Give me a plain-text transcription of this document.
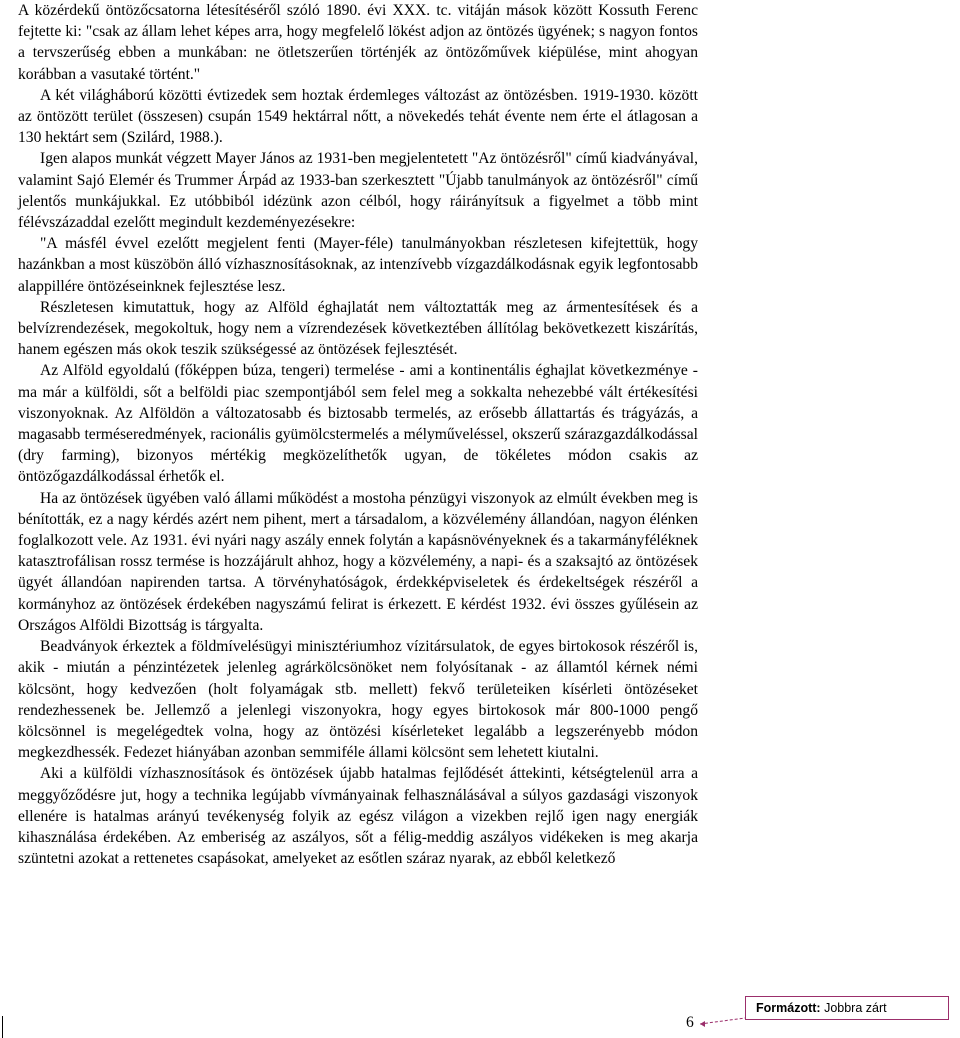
A közérdekű öntözőcsatorna létesítéséről szóló 1890. évi XXX. tc. vitáján mások között Kossuth Ferenc fejtette ki: "csak az állam lehet képes arra, hogy megfelelő lökést adjon az öntözés ügyének; s nagyon fontos a tervszerűség ebben a munkában: ne ötletszerűen történjék az öntözőművek kiépülése, mint ahogyan korábban a vasutaké történt."

A két világháború közötti évtizedek sem hoztak érdemleges változást az öntözésben. 1919-1930. között az öntözött terület (összesen) csupán 1549 hektárral nőtt, a növekedés tehát évente nem érte el átlagosan a 130 hektárt sem (Szilárd, 1988.).

Igen alapos munkát végzett Mayer János az 1931-ben megjelentetett "Az öntözésről" című kiadványával, valamint Sajó Elemér és Trummer Árpád az 1933-ban szerkesztett "Újabb tanulmányok az öntözésről" című jelentős munkájukkal. Ez utóbbiból idézünk azon célból, hogy ráirányítsuk a figyelmet a több mint félévszázaddal ezelőtt megindult kezdeményezésekre:

"A másfél évvel ezelőtt megjelent fenti (Mayer-féle) tanulmányokban részletesen kifejtettük, hogy hazánkban a most küszöbön álló vízhasznosításoknak, az intenzívebb vízgazdálkodásnak egyik legfontosabb alappillére öntözéseinknek fejlesztése lesz.

Részletesen kimutattuk, hogy az Alföld éghajlatát nem változtatták meg az ármentesítések és a belvízrendezések, megokoltuk, hogy nem a vízrendezések következtében állítólag bekövetkezett kiszárítás, hanem egészen más okok teszik szükségessé az öntözések fejlesztését.

Az Alföld egyoldalú (főképpen búza, tengeri) termelése - ami a kontinentális éghajlat következménye - ma már a külföldi, sőt a belföldi piac szempontjából sem felel meg a sokkalta nehezebbé vált értékesítési viszonyoknak. Az Alföldön a változatosabb és biztosabb termelés, az erősebb állattartás és trágyázás, a magasabb terméseredmények, racionális gyümölcstermelés a mélyműveléssel, okszerű szárazgazdálkodással (dry farming), bizonyos mértékig megközelíthetők ugyan, de tökéletes módon csakis az öntözőgazdálkodással érhetők el.

Ha az öntözések ügyében való állami működést a mostoha pénzügyi viszonyok az elmúlt években meg is bénították, ez a nagy kérdés azért nem pihent, mert a társadalom, a közvélemény állandóan, nagyon élénken foglalkozott vele. Az 1931. évi nyári nagy aszály ennek folytán a kapásnövényeknek és a takarmányféléknek katasztrofálisan rossz termése is hozzájárult ahhoz, hogy a közvélemény, a napi- és a szaksajtó az öntözések ügyét állandóan napirenden tartsa. A törvényhatóságok, érdekképviseletek és érdekeltségek részéről a kormányhoz az öntözések érdekében nagyszámú felirat is érkezett. E kérdést 1932. évi összes gyűlésein az Országos Alföldi Bizottság is tárgyalta.

Beadványok érkeztek a földmívelésügyi minisztériumhoz vízitársulatok, de egyes birtokosok részéről is, akik - miután a pénzintézetek jelenleg agrárkölcsönöket nem folyósítanak - az államtól kérnek némi kölcsönt, hogy kedvezően (holt folyamágak stb. mellett) fekvő területeiken kísérleti öntözéseket rendezhessenek be. Jellemző a jelenlegi viszonyokra, hogy egyes birtokosok már 800-1000 pengő kölcsönnel is megelégedtek volna, hogy az öntözési kísérleteket legalább a legszerényebb módon megkezdhessék. Fedezet hiányában azonban semmiféle állami kölcsönt sem lehetett kiutalni.

Aki a külföldi vízhasznosítások és öntözések újabb hatalmas fejlődését áttekinti, kétségtelenül arra a meggyőződésre jut, hogy a technika legújabb vívmányainak felhasználásával a súlyos gazdasági viszonyok ellenére is hatalmas arányú tevékenység folyik az egész világon a vizekben rejlő igen nagy energiák kihasználása érdekében. Az emberiség az aszályos, sőt a félig-meddig aszályos vidékeken is meg akarja szüntetni azokat a rettenetes csapásokat, amelyeket az esőtlen száraz nyarak, az ebből keletkező

6
Formázott: Jobbra zárt
